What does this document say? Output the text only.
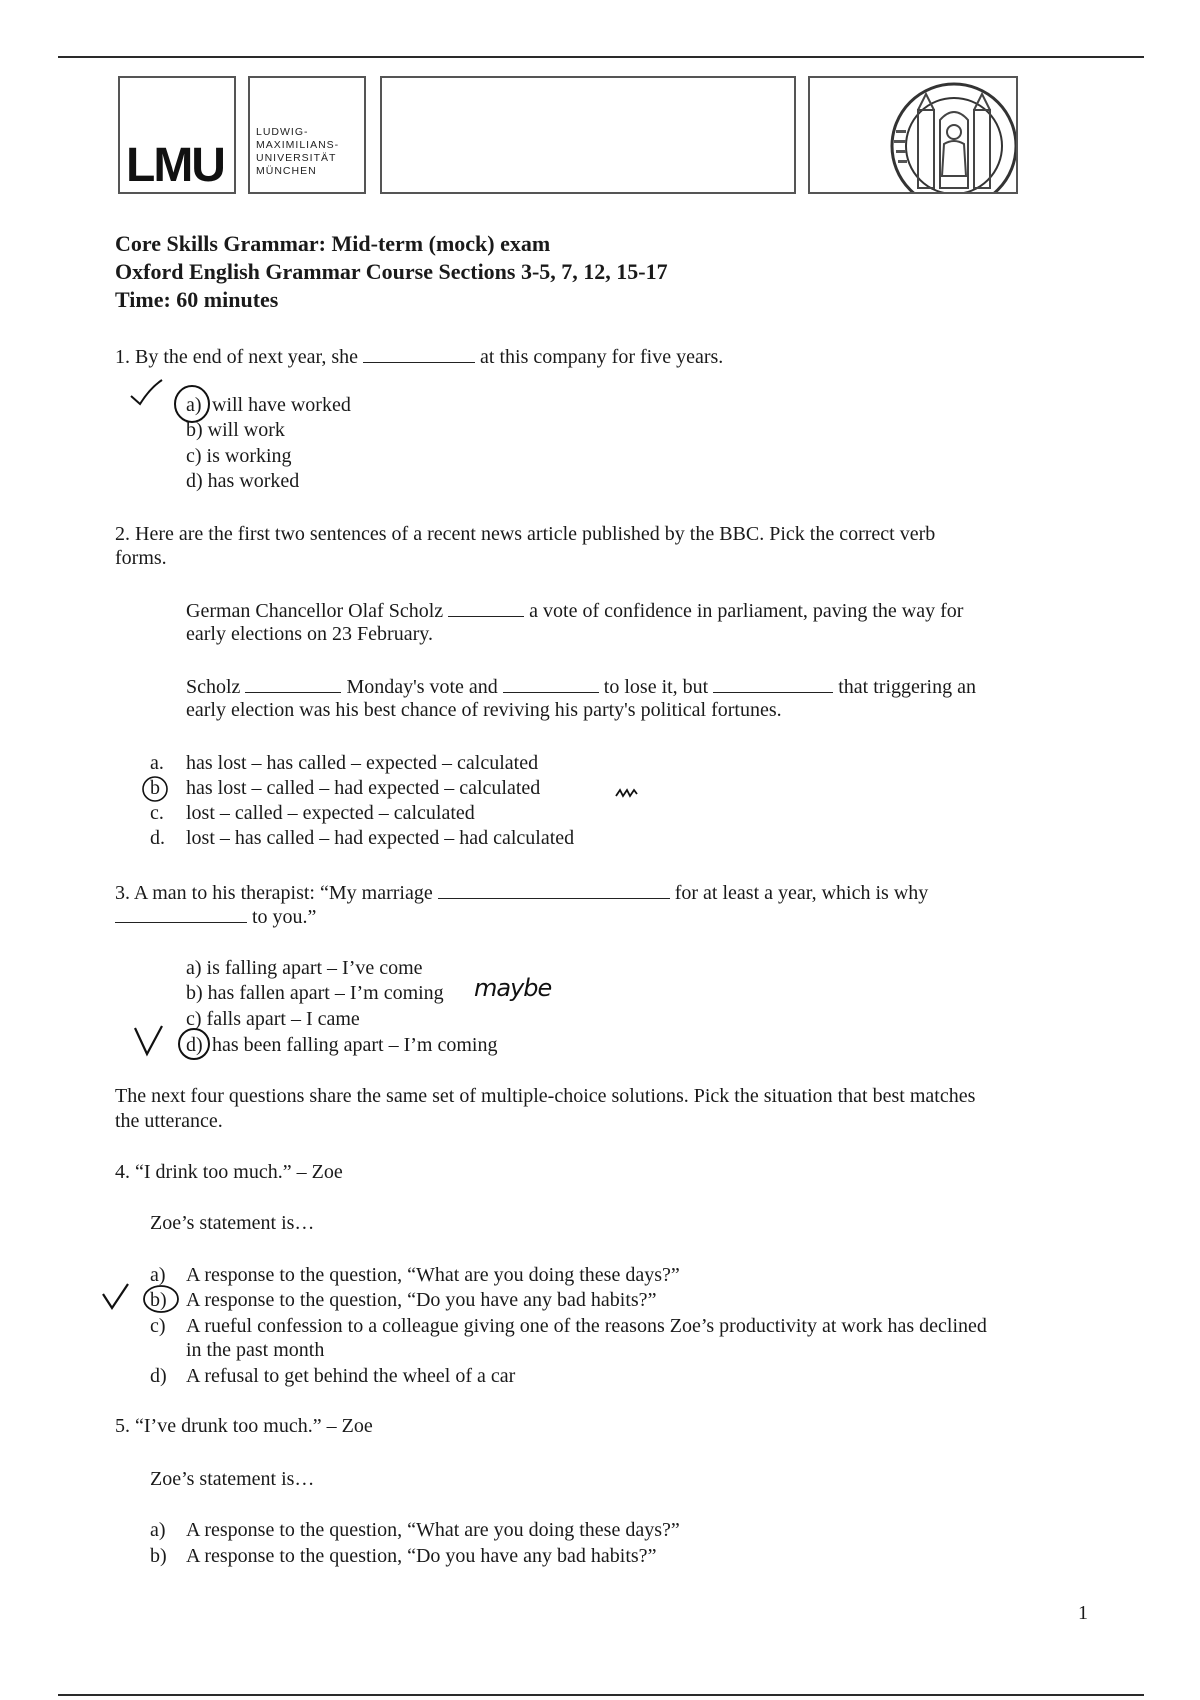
LMU
LUDWIG-
MAXIMILIANS-
UNIVERSITÄT
MÜNCHEN
Core Skills Grammar: Mid-term (mock) exam
Oxford English Grammar Course Sections 3-5, 7, 12, 15-17
Time: 60 minutes
1. By the end of next year, she	at this company for five years.
a) will have worked
b) will work
c) is working
d) has worked
2. Here are the first two sentences of a recent news article published by the BBC. Pick the correct verb
forms.
German Chancellor Olaf Scholz	a vote of confidence in parliament, paving the way for
early elections on 23 February.
Scholz	Monday's vote and	to lose it, but	that triggering an
early election was his best chance of reviving his party's political fortunes.
a. has lost – has called – expected – calculated
b has lost – called – had expected – calculated
c. lost – called – expected – calculated
d. lost – has called – had expected – had calculated
3. A man to his therapist: “My marriage	for at least a year, which is why
to you.”
a) is falling apart – I’ve come
b) has fallen apart – I’m coming
c) falls apart – I came
d) has been falling apart – I’m coming
maybe
The next four questions share the same set of multiple-choice solutions. Pick the situation that best matches
the utterance.
4. “I drink too much.” – Zoe
Zoe’s statement is…
a) A response to the question, “What are you doing these days?”
b) A response to the question, “Do you have any bad habits?”
c) A rueful confession to a colleague giving one of the reasons Zoe’s productivity at work has declined
in the past month
d) A refusal to get behind the wheel of a car
5. “I’ve drunk too much.” – Zoe
Zoe’s statement is…
a) A response to the question, “What are you doing these days?”
b) A response to the question, “Do you have any bad habits?”
1
